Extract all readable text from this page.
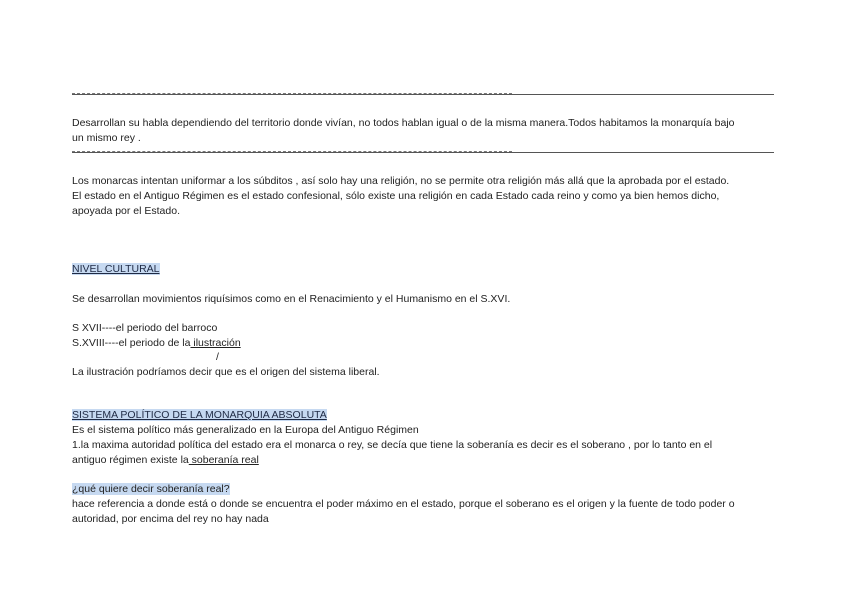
Desarrollan su habla dependiendo del territorio donde vivían, no todos hablan igual o de la misma manera.Todos habitamos la monarquía bajo

un mismo rey .

Los monarcas intentan uniformar a los súbditos , así solo hay una religión, no se permite otra religión más allá que la aprobada por el estado.

El estado en el Antiguo Régimen es el estado confesional, sólo existe una religión en cada Estado cada reino y como ya bien hemos dicho,

apoyada por el Estado.

NIVEL CULTURAL

Se desarrollan movimientos riquísimos como en el Renacimiento y el Humanismo en el S.XVI.

S XVII----el periodo del barroco

S.XVIII----el periodo de la ilustración

/

La ilustración podríamos decir que es el origen del sistema liberal.

SISTEMA POLÍTICO DE LA MONARQUIA ABSOLUTA

Es el sistema político más generalizado en la Europa del Antiguo Régimen

1.la maxima autoridad política del estado era el monarca o rey, se decía que tiene la soberanía es decir es el soberano , por lo tanto en el

antiguo régimen existe la soberanía real

¿qué quiere decir soberanía real?

hace referencia a donde está o donde se encuentra el poder máximo en el estado, porque el soberano es el origen y la fuente de todo poder o

autoridad, por encima del rey no hay nada
